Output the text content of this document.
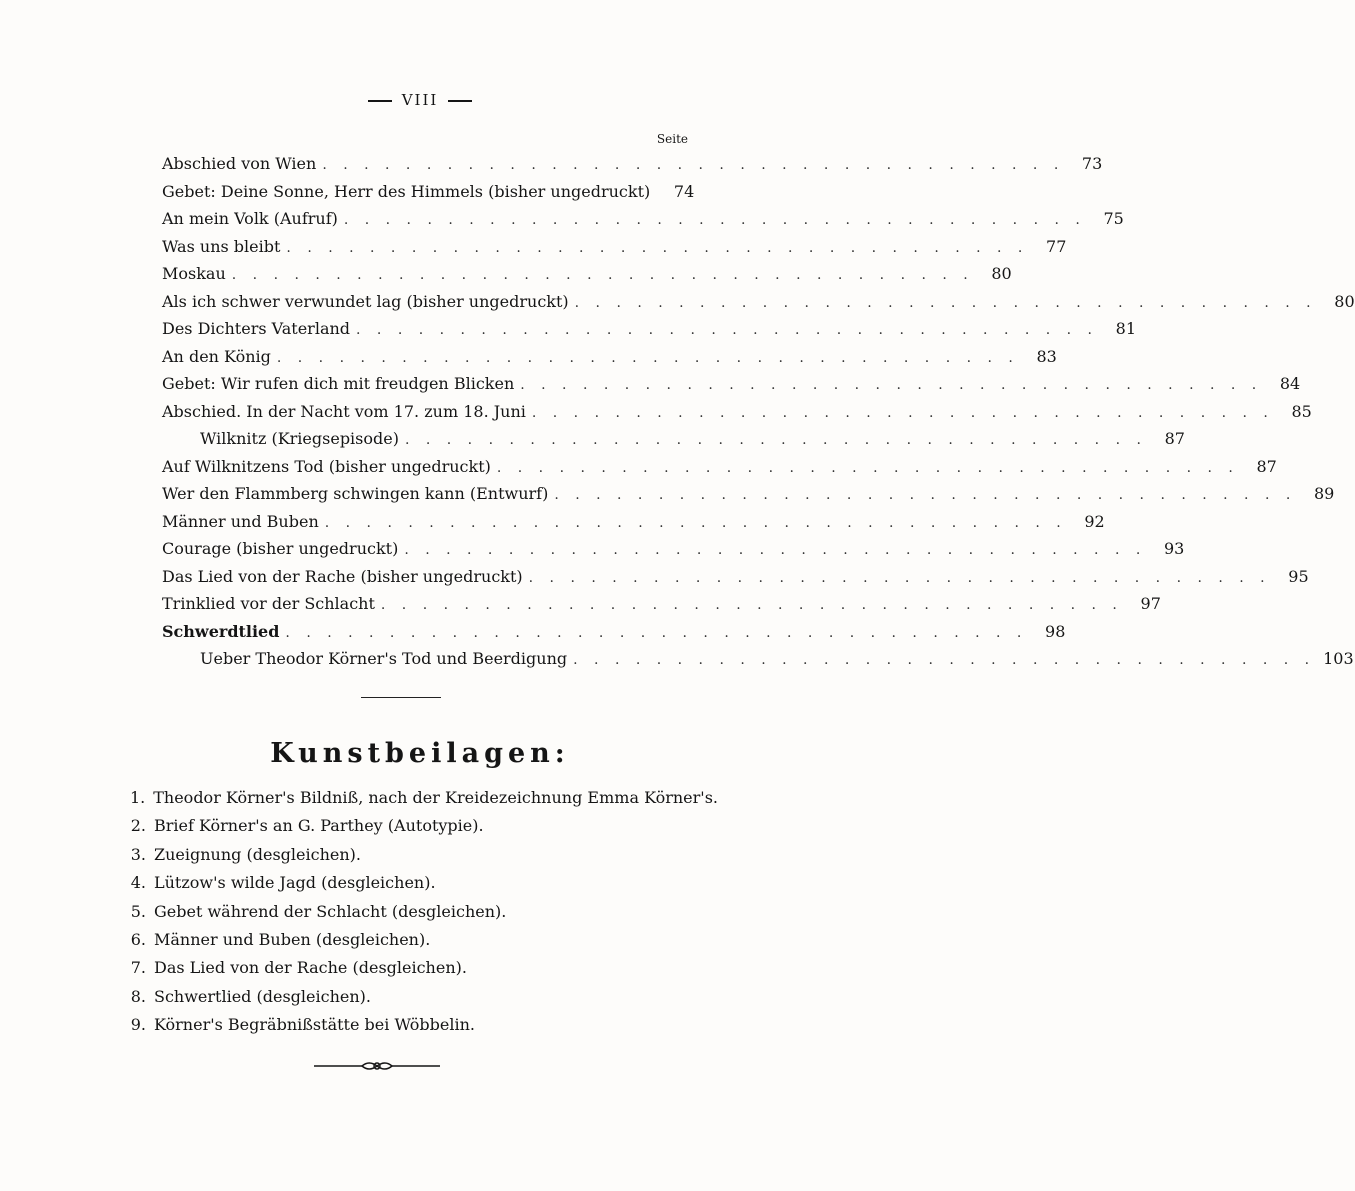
VIII
Seite
Abschied von Wien . . . . . . . . . . . . . . . . . . . . . . . . . . . . . . . . . . . .	73
Gebet: Deine Sonne, Herr des Himmels (bisher ungedruckt)	74
An mein Volk (Aufruf) . . . . . . . . . . . . . . . . . . . . . . . . . . . . . . . . . . . .	75
Was uns bleibt . . . . . . . . . . . . . . . . . . . . . . . . . . . . . . . . . . . .	77
Moskau . . . . . . . . . . . . . . . . . . . . . . . . . . . . . . . . . . . .	80
Als ich schwer verwundet lag (bisher ungedruckt) . . . . . . . . . . . . . . . . . . . . . . . . . . . . . . . . . . . .	80
Des Dichters Vaterland . . . . . . . . . . . . . . . . . . . . . . . . . . . . . . . . . . . .	81
An den König . . . . . . . . . . . . . . . . . . . . . . . . . . . . . . . . . . . .	83
Gebet: Wir rufen dich mit freudgen Blicken . . . . . . . . . . . . . . . . . . . . . . . . . . . . . . . . . . . .	84
Abschied. In der Nacht vom 17. zum 18. Juni . . . . . . . . . . . . . . . . . . . . . . . . . . . . . . . . . . . .	85
Wilknitz (Kriegsepisode) . . . . . . . . . . . . . . . . . . . . . . . . . . . . . . . . . . . .	87
Auf Wilknitzens Tod (bisher ungedruckt) . . . . . . . . . . . . . . . . . . . . . . . . . . . . . . . . . . . .	87
Wer den Flammberg schwingen kann (Entwurf) . . . . . . . . . . . . . . . . . . . . . . . . . . . . . . . . . . . .	89
Männer und Buben . . . . . . . . . . . . . . . . . . . . . . . . . . . . . . . . . . . .	92
Courage (bisher ungedruckt) . . . . . . . . . . . . . . . . . . . . . . . . . . . . . . . . . . . .	93
Das Lied von der Rache (bisher ungedruckt) . . . . . . . . . . . . . . . . . . . . . . . . . . . . . . . . . . . .	95
Trinklied vor der Schlacht . . . . . . . . . . . . . . . . . . . . . . . . . . . . . . . . . . . .	97
Schwerdtlied . . . . . . . . . . . . . . . . . . . . . . . . . . . . . . . . . . . .	98
Ueber Theodor Körner's Tod und Beerdigung . . . . . . . . . . . . . . . . . . . . . . . . . . . . . . . . . . . . 103
Kunstbeilagen:
1. Theodor Körner's Bildniß, nach der Kreidezeichnung Emma Körner's.
2. Brief Körner's an G. Parthey (Autotypie).
3. Zueignung (desgleichen).
4. Lützow's wilde Jagd (desgleichen).
5. Gebet während der Schlacht (desgleichen).
6. Männer und Buben (desgleichen).
7. Das Lied von der Rache (desgleichen).
8. Schwertlied (desgleichen).
9. Körner's Begräbnißstätte bei Wöbbelin.
